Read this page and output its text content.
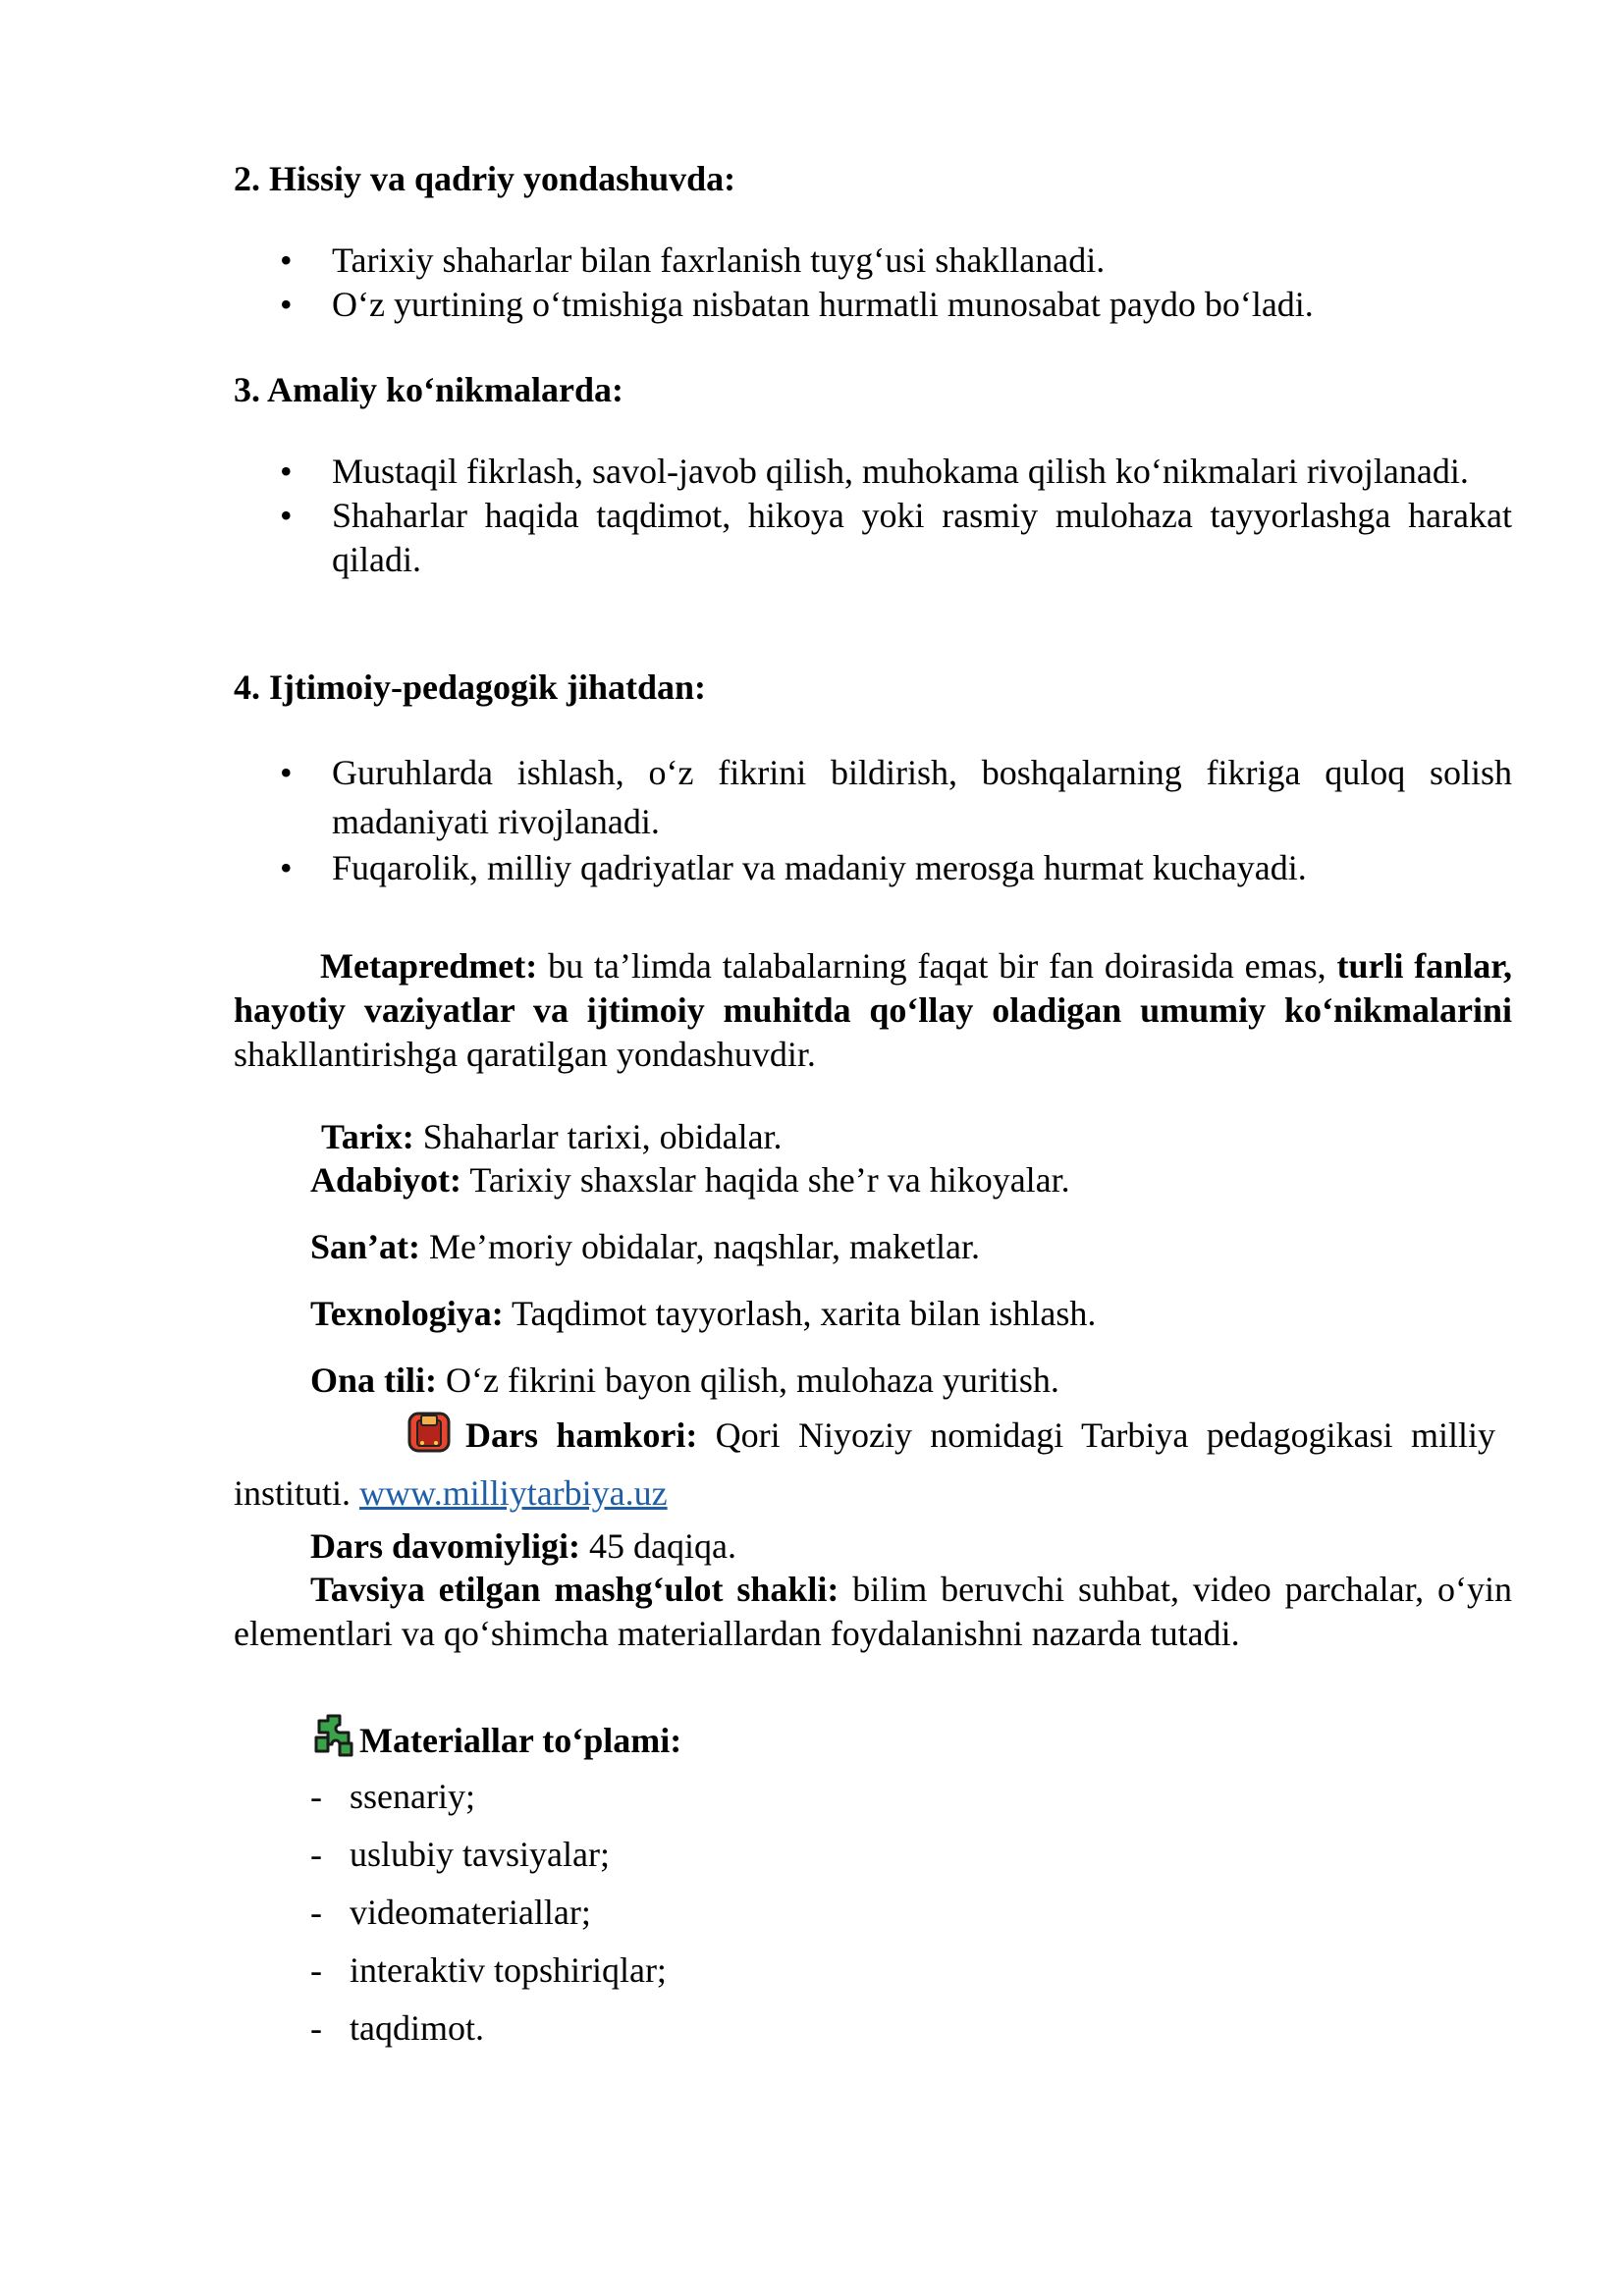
2. Hissiy va qadriy yondashuvda:
• Tarixiy shaharlar bilan faxrlanish tuyg‘usi shakllanadi.
• O‘z yurtining o‘tmishiga nisbatan hurmatli munosabat paydo bo‘ladi.
3. Amaliy ko‘nikmalarda:
• Mustaqil fikrlash, savol-javob qilish, muhokama qilish ko‘nikmalari rivojlanadi.
• Shaharlar haqida taqdimot, hikoya yoki rasmiy mulohaza tayyorlashga harakat qiladi.
4. Ijtimoiy-pedagogik jihatdan:
• Guruhlarda ishlash, o‘z fikrini bildirish, boshqalarning fikriga quloq solish madaniyati rivojlanadi.
• Fuqarolik, milliy qadriyatlar va madaniy merosga hurmat kuchayadi.
Metapredmet: bu ta’limda talabalarning faqat bir fan doirasida emas, turli fanlar, hayotiy vaziyatlar va ijtimoiy muhitda qo‘llay oladigan umumiy ko‘nikmalarini shakllantirishga qaratilgan yondashuvdir.
Tarix: Shaharlar tarixi, obidalar.
Adabiyot: Tarixiy shaxslar haqida she’r va hikoyalar.
San’at: Me’moriy obidalar, naqshlar, maketlar.
Texnologiya: Taqdimot tayyorlash, xarita bilan ishlash.
Ona tili: O‘z fikrini bayon qilish, mulohaza yuritish.
Dars hamkori: Qori Niyoziy nomidagi Tarbiya pedagogikasi milliy instituti. www.milliytarbiya.uz
Dars davomiyligi: 45 daqiqa.
Tavsiya etilgan mashg‘ulot shakli: bilim beruvchi suhbat, video parchalar, o‘yin elementlari va qo‘shimcha materiallardan foydalanishni nazarda tutadi.
Materiallar to‘plami:
- ssenariy;
- uslubiy tavsiyalar;
- videomateriallar;
- interaktiv topshiriqlar;
- taqdimot.
